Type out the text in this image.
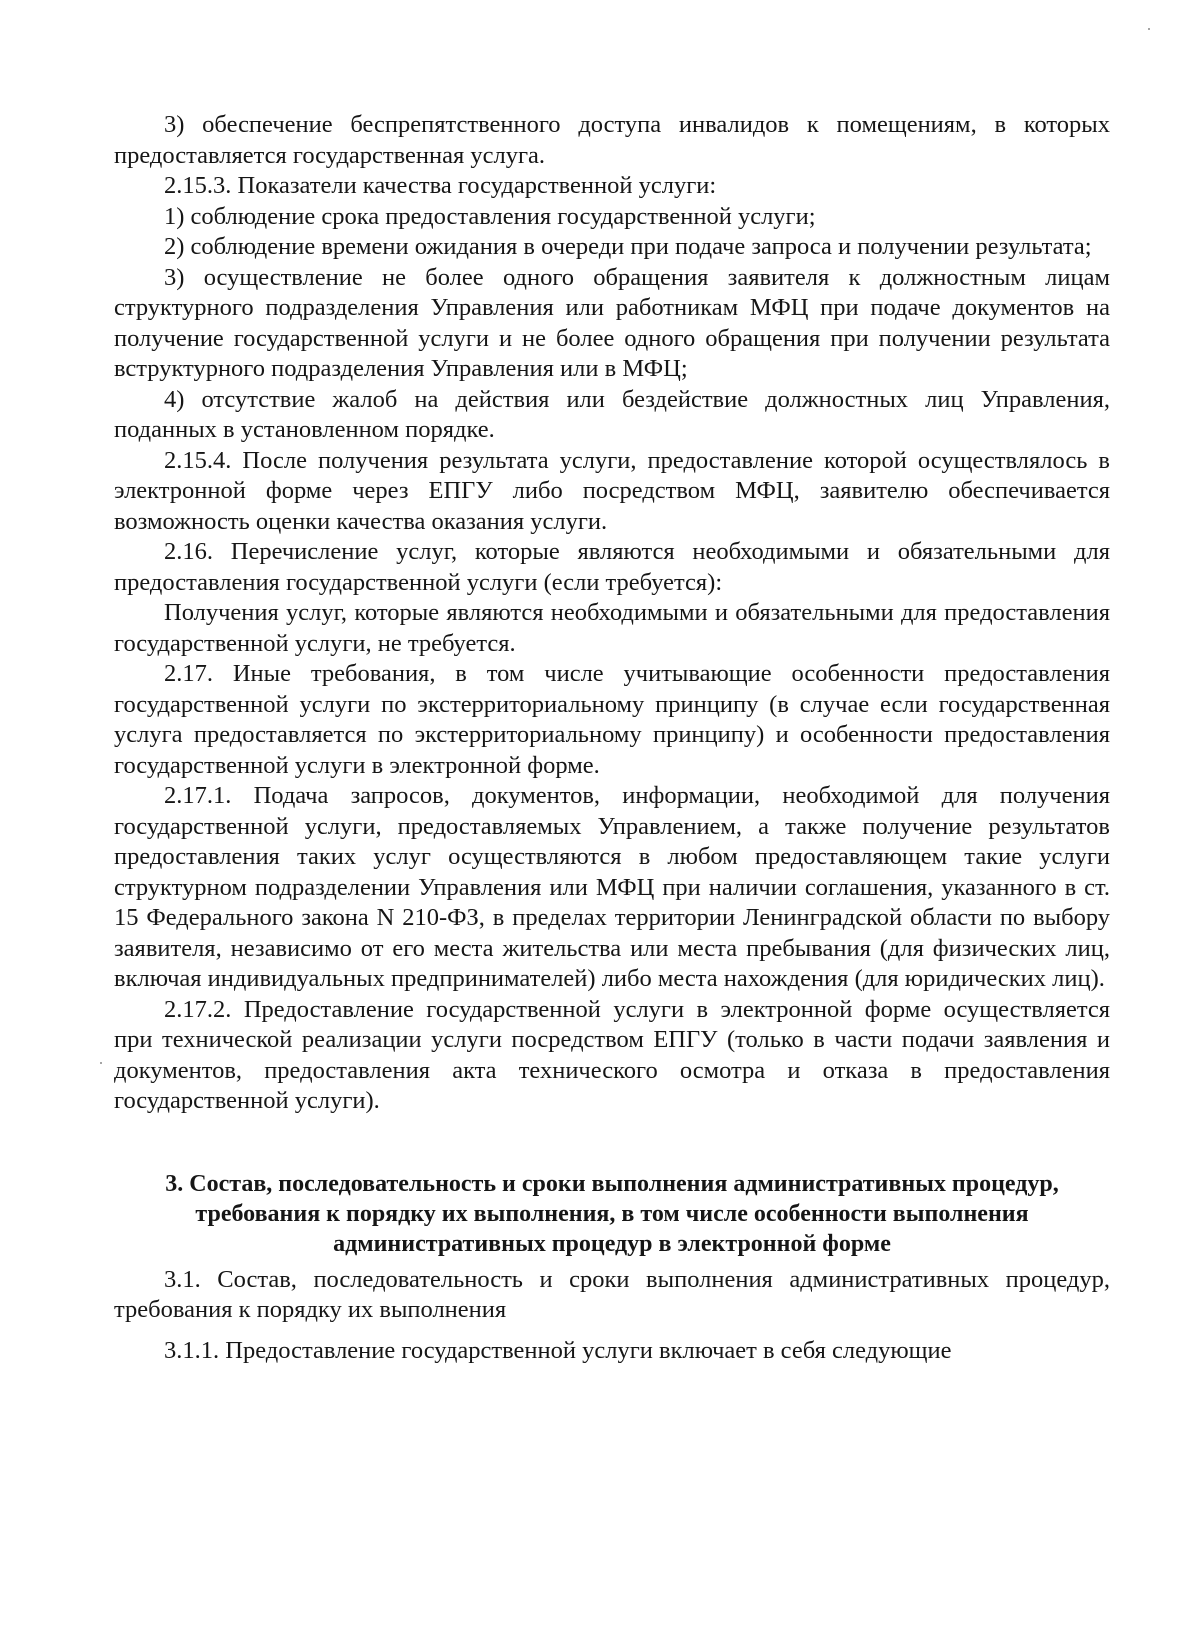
3) обеспечение беспрепятственного доступа инвалидов к помещениям, в которых предоставляется государственная услуга.

2.15.3. Показатели качества государственной услуги:

1) соблюдение срока предоставления государственной услуги;

2) соблюдение времени ожидания в очереди при подаче запроса и получении результата;

3) осуществление не более одного обращения заявителя к должностным лицам структурного подразделения Управления или работникам МФЦ при подаче документов на получение государственной услуги и не более одного обращения при получении результата вструктурного подразделения Управления или в МФЦ;

4) отсутствие жалоб на действия или бездействие должностных лиц Управления, поданных в установленном порядке.

2.15.4. После получения результата услуги, предоставление которой осуществлялось в электронной форме через ЕПГУ либо посредством МФЦ, заявителю обеспечивается возможность оценки качества оказания услуги.

2.16. Перечисление услуг, которые являются необходимыми и обязательными для предоставления государственной услуги (если требуется):

Получения услуг, которые являются необходимыми и обязательными для предоставления государственной услуги, не требуется.

2.17. Иные требования, в том числе учитывающие особенности предоставления государственной услуги по экстерриториальному принципу (в случае если государственная услуга предоставляется по экстерриториальному принципу) и особенности предоставления государственной услуги в электронной форме.

2.17.1. Подача запросов, документов, информации, необходимой для получения государственной услуги, предоставляемых Управлением, а также получение результатов предоставления таких услуг осуществляются в любом предоставляющем такие услуги структурном подразделении Управления или МФЦ при наличии соглашения, указанного в ст. 15 Федерального закона N 210-ФЗ, в пределах территории Ленинградской области по выбору заявителя, независимо от его места жительства или места пребывания (для физических лиц, включая индивидуальных предпринимателей) либо места нахождения (для юридических лиц).

2.17.2. Предоставление государственной услуги в электронной форме осуществляется при технической реализации услуги посредством ЕПГУ (только в части подачи заявления и документов, предоставления акта технического осмотра и отказа в предоставления государственной услуги).

3. Состав, последовательность и сроки выполнения административных процедур, требования к порядку их выполнения, в том числе особенности выполнения административных процедур в электронной форме

3.1. Состав, последовательность и сроки выполнения административных процедур, требования к порядку их выполнения

3.1.1. Предоставление государственной услуги включает в себя следующие
